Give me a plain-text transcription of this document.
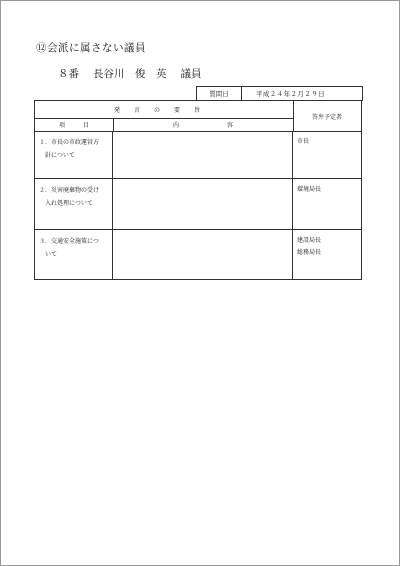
⑫会派に属さない議員
８番 長谷川　俊　英 議員
質問日	平成２４年２月２９日
発言の要旨
答弁予定者
項目	内容
１．市長の市政運営方
針について
市長

２．災害廃棄物の受け
入れ処理について
環境局長

３．交通安全施策につ
いて
建設局長
総務局長
